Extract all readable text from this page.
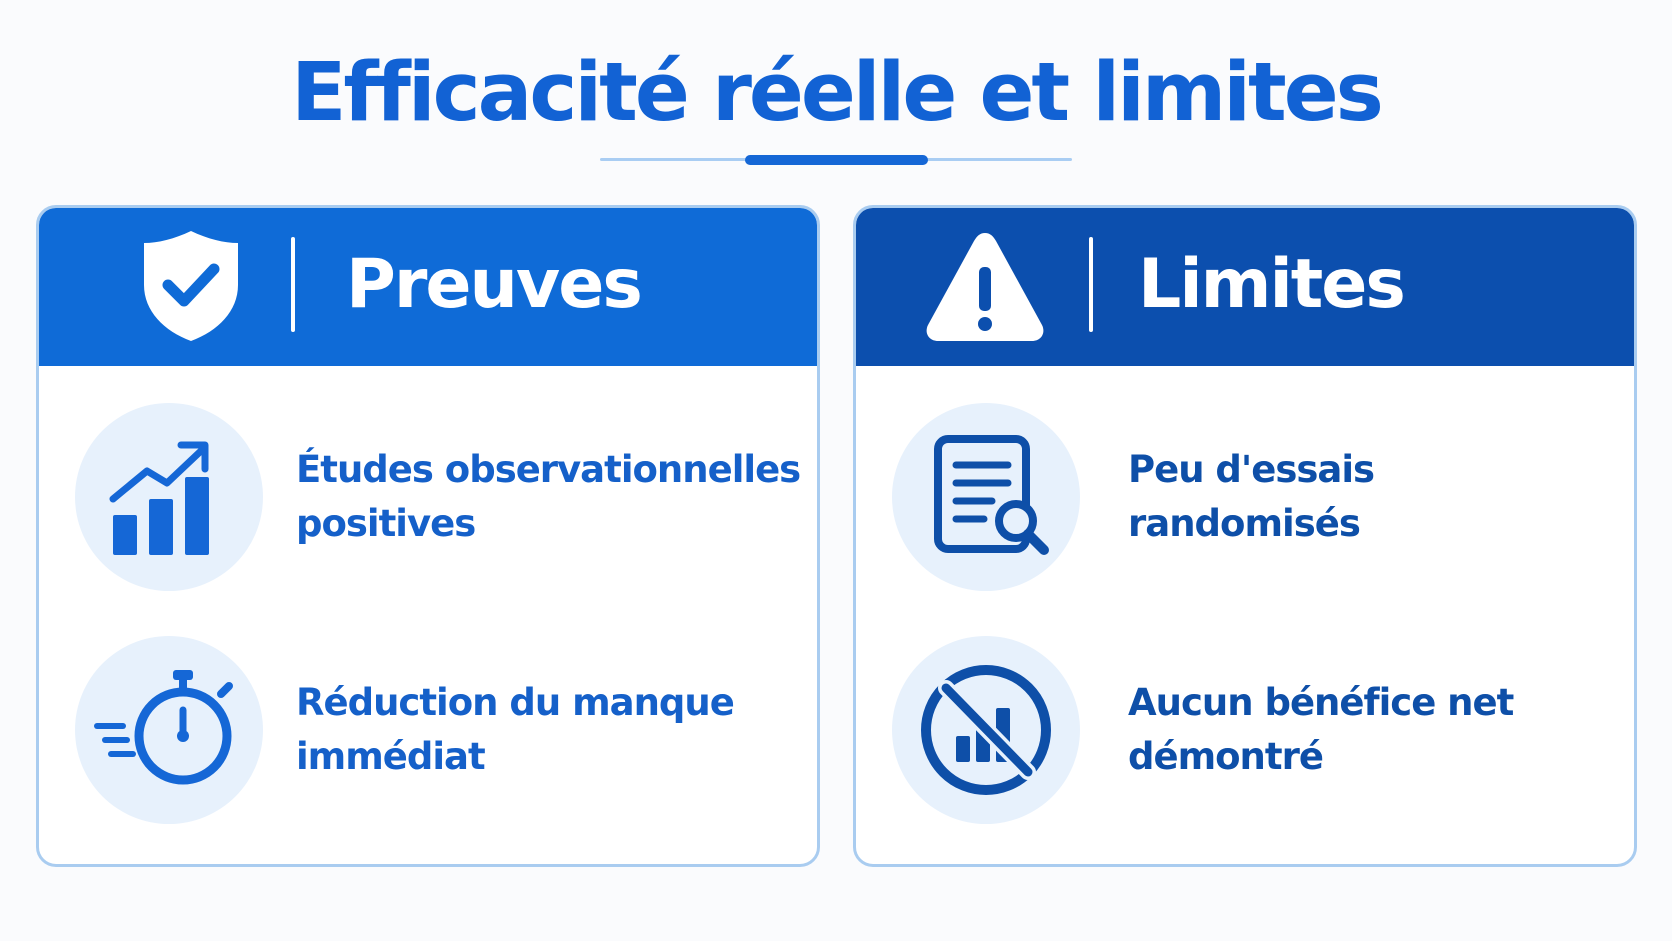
Efficacité réelle et limites
Preuves
Études observationnelles
positives
Réduction du manque
immédiat
Limites
Peu d'essais
randomisés
Aucun bénéfice net
démontré
